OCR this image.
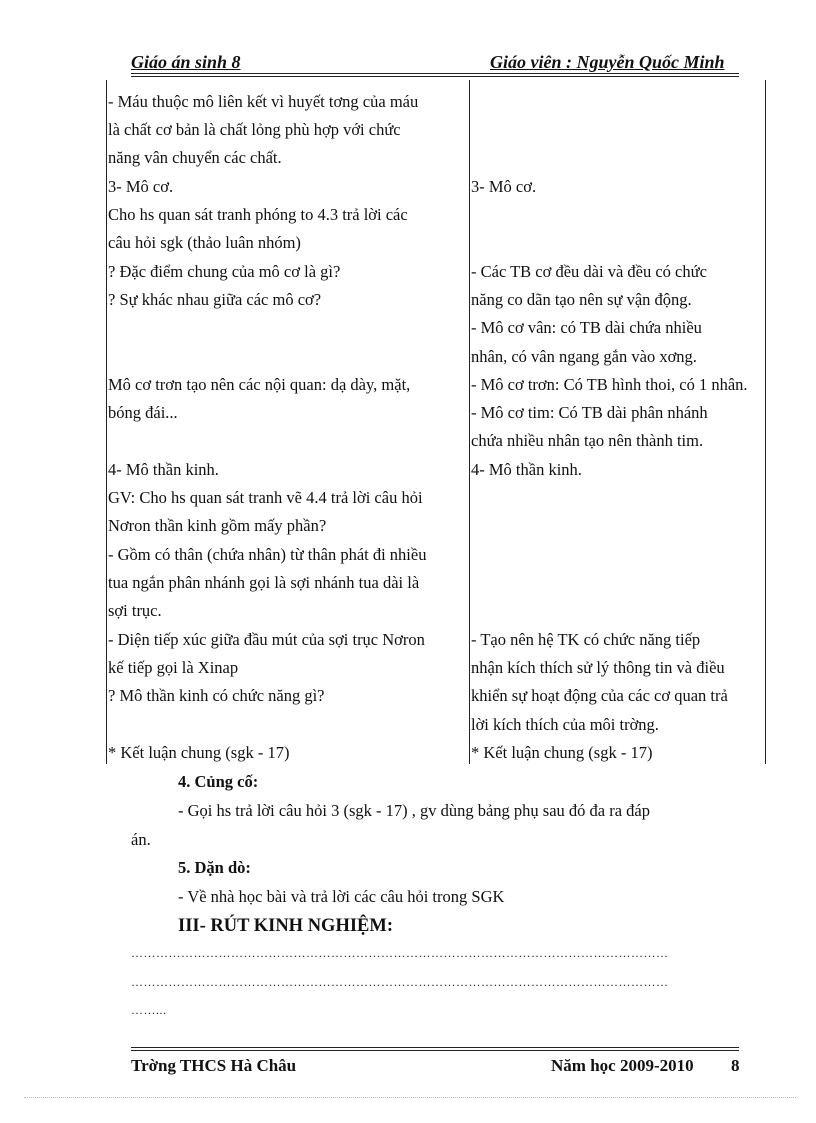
Giáo án sinh 8	Giáo viên : Nguyễn Quốc Minh
- Máu thuộc mô liên kết vì huyết tơng của máu
là chất cơ bản là chất lỏng phù hợp với chức
năng vân chuyển các chất.
3- Mô cơ.
Cho hs quan sát tranh phóng to 4.3 trả lời các
câu hỏi sgk (thảo luân nhóm)
? Đặc điểm chung của mô cơ là gì?
? Sự khác nhau giữa các mô cơ?
Mô cơ trơn tạo nên các nội quan: dạ dày, mặt,
bóng đái...
4- Mô thần kinh.
GV: Cho hs quan sát tranh vẽ 4.4 trả lời câu hỏi
Nơron thần kinh gồm mấy phần?
- Gồm có thân (chứa nhân) từ thân phát đi nhiều
tua ngắn phân nhánh gọi là sợi nhánh tua dài là
sợi trục.
- Diện tiếp xúc giữa đầu mút của sợi trục Nơron
kế tiếp gọi là Xinap
? Mô thần kinh có chức năng gì?
* Kết luận chung (sgk - 17)
3- Mô cơ.
- Các TB cơ đều dài và đều có chức
năng co dãn tạo nên sự vận động.
- Mô cơ vân: có TB dài chứa nhiều
nhân, có vân ngang gắn vào xơng.
- Mô cơ trơn: Có TB hình thoi, có 1 nhân.
- Mô cơ tim: Có TB dài phân nhánh
chứa nhiều nhân tạo nên thành tim.
4- Mô thần kinh.
- Tạo nên hệ TK có chức năng tiếp
nhận kích thích sử lý thông tin và điều
khiển sự hoạt động của các cơ quan trả
lời kích thích của môi trờng.
* Kết luận chung (sgk - 17)
4. Củng cố:
- Gọi hs trả lời câu hỏi 3 (sgk - 17) , gv dùng bảng phụ sau đó đa ra đáp
án.
5. Dặn dò:
- Về nhà học bài và trả lời các câu hỏi trong SGK
III- RÚT KINH NGHIỆM:
…………………………………………………………………………………………………………………
…………………………………………………………………………………………………………………
……...
Trờng THCS Hà Châu	Năm học 2009-2010 8
